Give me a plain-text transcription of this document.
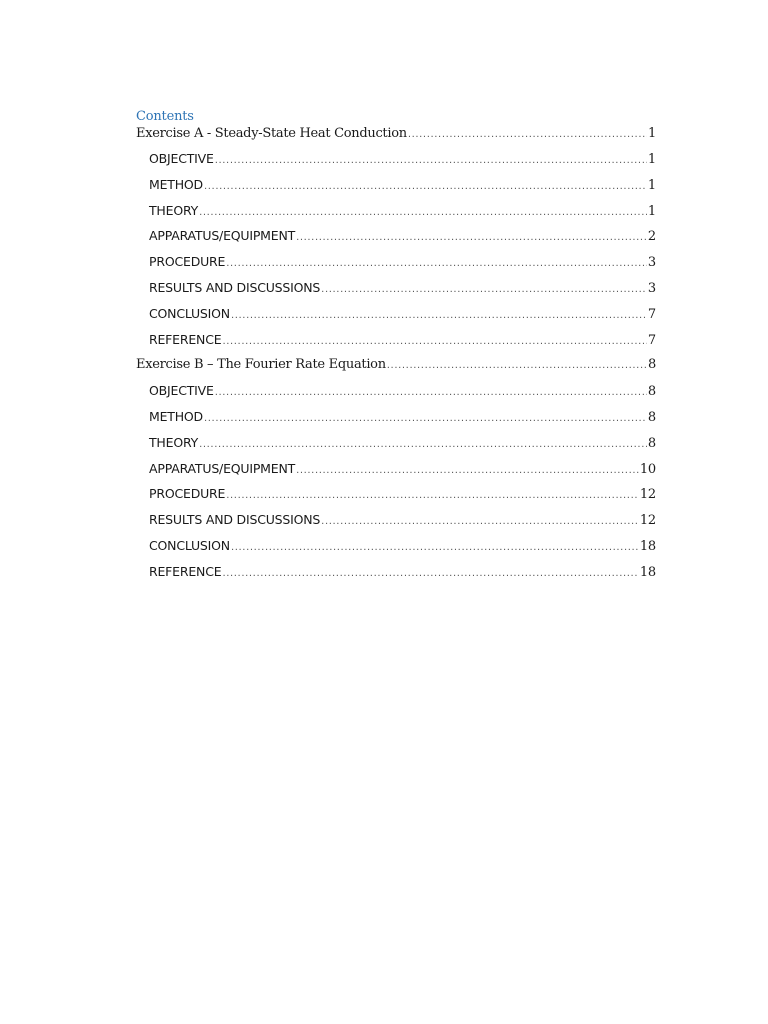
Contents
Exercise A - Steady-State Heat Conduction .....	1
OBJECTIVE .....	1
METHOD .....	1
THEORY .....	1
APPARATUS/EQUIPMENT .....	2
PROCEDURE .....	3
RESULTS AND DISCUSSIONS .....	3
CONCLUSION .....	7
REFERENCE .....	7
Exercise B – The Fourier Rate Equation .....	8
OBJECTIVE .....	8
METHOD .....	8
THEORY .....	8
APPARATUS/EQUIPMENT .....	10
PROCEDURE .....	12
RESULTS AND DISCUSSIONS .....	12
CONCLUSION .....	18
REFERENCE .....	18
